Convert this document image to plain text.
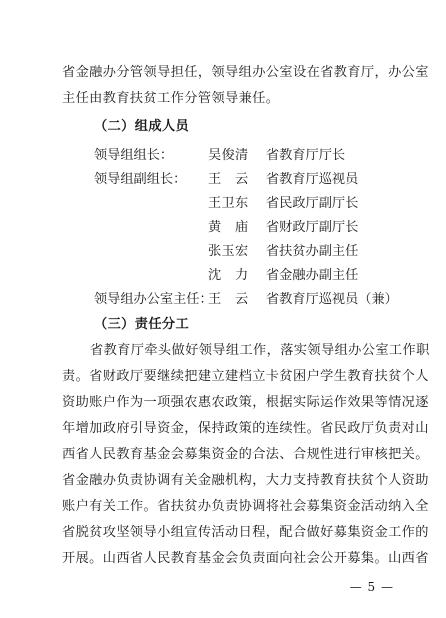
省金融办分管领导担任，领导组办公室设在省教育厅，办公室
主任由教育扶贫工作分管领导兼任。
（二）组成人员
领导组组长：	吴俊清 省教育厅厅长
领导组副组长： 王　云 省教育厅巡视员
王卫东 省民政厅副厅长
黄　庙 省财政厅副厅长
张玉宏 省扶贫办副主任
沈　力 省金融办副主任
领导组办公室主任：
王　云 省教育厅巡视员（兼）
（三）责任分工
省教育厅牵头做好领导组工作，落实领导组办公室工作职
责。省财政厅要继续把建立建档立卡贫困户学生教育扶贫个人
资助账户作为一项强农惠农政策，根据实际运作效果等情况逐
年增加政府引导资金，保持政策的连续性。省民政厅负责对山
西省人民教育基金会募集资金的合法、合规性进行审核把关。
省金融办负责协调有关金融机构，大力支持教育扶贫个人资助
账户有关工作。省扶贫办负责协调将社会募集资金活动纳入全
省脱贫攻坚领导小组宣传活动日程，配合做好募集资金工作的
开展。山西省人民教育基金会负责面向社会公开募集。山西省
— 5 —
